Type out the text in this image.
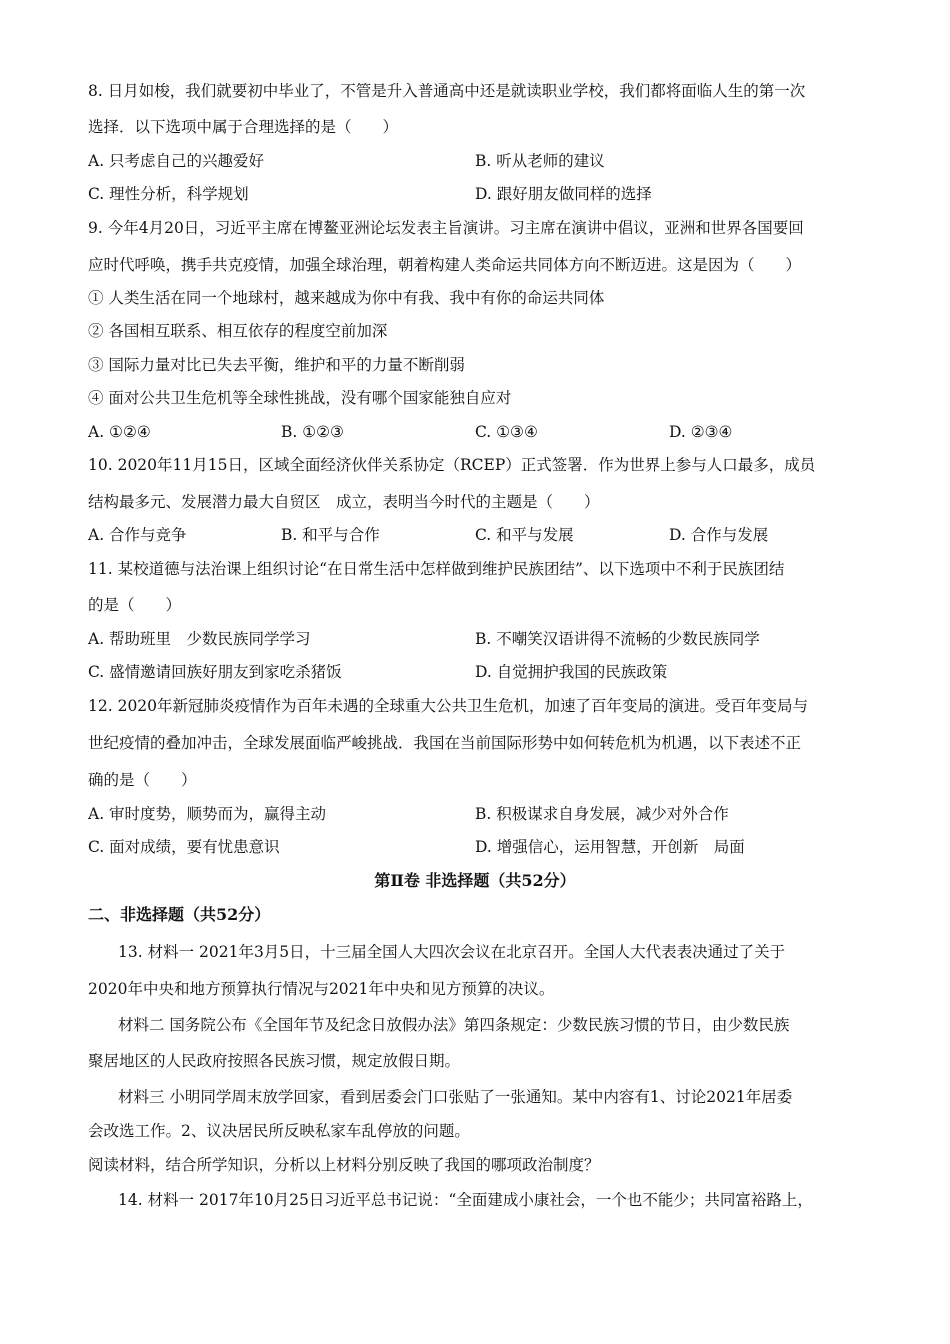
8. 日月如梭，我们就要初中毕业了，不管是升入普通高中还是就读职业学校，我们都将面临人生的第一次
选择．以下选项中属于合理选择的是（　　）
A. 只考虑自己的兴趣爱好	B. 听从老师的建议
C. 理性分析，科学规划	D. 跟好朋友做同样的选择
9. 今年4月20日，习近平主席在博鳌亚洲论坛发表主旨演讲。习主席在演讲中倡议，亚洲和世界各国要回
应时代呼唤，携手共克疫情，加强全球治理，朝着构建人类命运共同体方向不断迈进。这是因为（　　）
① 人类生活在同一个地球村，越来越成为你中有我、我中有你的命运共同体
② 各国相互联系、相互依存的程度空前加深
③ 国际力量对比已失去平衡，维护和平的力量不断削弱
④ 面对公共卫生危机等全球性挑战，没有哪个国家能独自应对
A. ①②④	B. ①②③	C. ①③④	D. ②③④
10. 2020年11月15日，区域全面经济伙伴关系协定（RCEP）正式签署．作为世界上参与人口最多，成员
结构最多元、发展潜力最大自贸区　成立，表明当今时代的主题是（　　）
A. 合作与竞争	B. 和平与合作	C. 和平与发展	D. 合作与发展
11. 某校道德与法治课上组织讨论“在日常生活中怎样做到维护民族团结”、以下选项中不利于民族团结
的是（　　）
A. 帮助班里　少数民族同学学习	B. 不嘲笑汉语讲得不流畅的少数民族同学
C. 盛情邀请回族好朋友到家吃杀猪饭	D. 自觉拥护我国的民族政策
12. 2020年新冠肺炎疫情作为百年未遇的全球重大公共卫生危机，加速了百年变局的演进。受百年变局与
世纪疫情的叠加冲击，全球发展面临严峻挑战．我国在当前国际形势中如何转危机为机遇，以下表述不正
确的是（　　）
A. 审时度势，顺势而为，赢得主动	B. 积极谋求自身发展，减少对外合作
C. 面对成绩，要有忧患意识	D. 增强信心，运用智慧，开创新　局面
第Ⅱ卷 非选择题（共52分）
二、非选择题（共52分）
13. 材料一 2021年3月5日，十三届全国人大四次会议在北京召开。全国人大代表表决通过了关于
2020年中央和地方预算执行情况与2021年中央和见方预算的决议。
材料二 国务院公布《全国年节及纪念日放假办法》第四条规定：少数民族习惯的节日，由少数民族
聚居地区的人民政府按照各民族习惯，规定放假日期。
材料三 小明同学周末放学回家，看到居委会门口张贴了一张通知。某中内容有1、讨论2021年居委
会改选工作。2、议决居民所反映私家车乱停放的问题。
阅读材料，结合所学知识，分析以上材料分别反映了我国的哪项政治制度？
14. 材料一 2017年10月25日习近平总书记说：“全面建成小康社会，一个也不能少；共同富裕路上，
